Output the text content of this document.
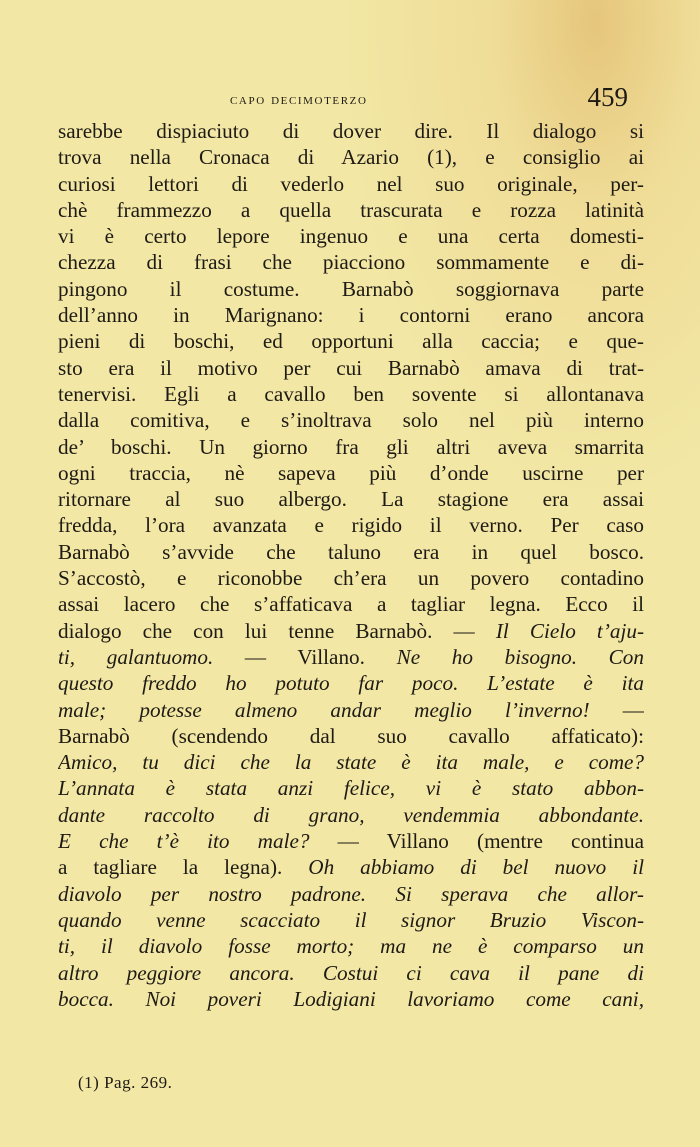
capo decimoterzo	459
sarebbe dispiaciuto di dover dire. Il dialogo si
trova nella Cronaca di Azario (1), e consiglio ai
curiosi lettori di vederlo nel suo originale, per-
chè frammezzo a quella trascurata e rozza latinità
vi è certo lepore ingenuo e una certa domesti-
chezza di frasi che piacciono sommamente e di-
pingono il costume. Barnabò soggiornava parte
dell’anno in Marignano: i contorni erano ancora
pieni di boschi, ed opportuni alla caccia; e que-
sto era il motivo per cui Barnabò amava di trat-
tenervisi. Egli a cavallo ben sovente si allontanava
dalla comitiva, e s’inoltrava solo nel più interno
de’ boschi. Un giorno fra gli altri aveva smarrita
ogni traccia, nè sapeva più d’onde uscirne per
ritornare al suo albergo. La stagione era assai
fredda, l’ora avanzata e rigido il verno. Per caso
Barnabò s’avvide che taluno era in quel bosco.
S’accostò, e riconobbe ch’era un povero contadino
assai lacero che s’affaticava a tagliar legna. Ecco il
dialogo che con lui tenne Barnabò. — Il Cielo t’aju-
ti, galantuomo. — Villano. Ne ho bisogno. Con
questo freddo ho potuto far poco. L’estate è ita
male; potesse almeno andar meglio l’inverno! —
Barnabò (scendendo dal suo cavallo affaticato):
Amico, tu dici che la state è ita male, e come?
L’annata è stata anzi felice, vi è stato abbon-
dante raccolto di grano, vendemmia abbondante.
E che t’è ito male? — Villano (mentre continua
a tagliare la legna). Oh abbiamo di bel nuovo il
diavolo per nostro padrone. Si sperava che allor-
quando venne scacciato il signor Bruzio Viscon-
ti, il diavolo fosse morto; ma ne è comparso un
altro peggiore ancora. Costui ci cava il pane di
bocca. Noi poveri Lodigiani lavoriamo come cani,
(1) Pag. 269.
